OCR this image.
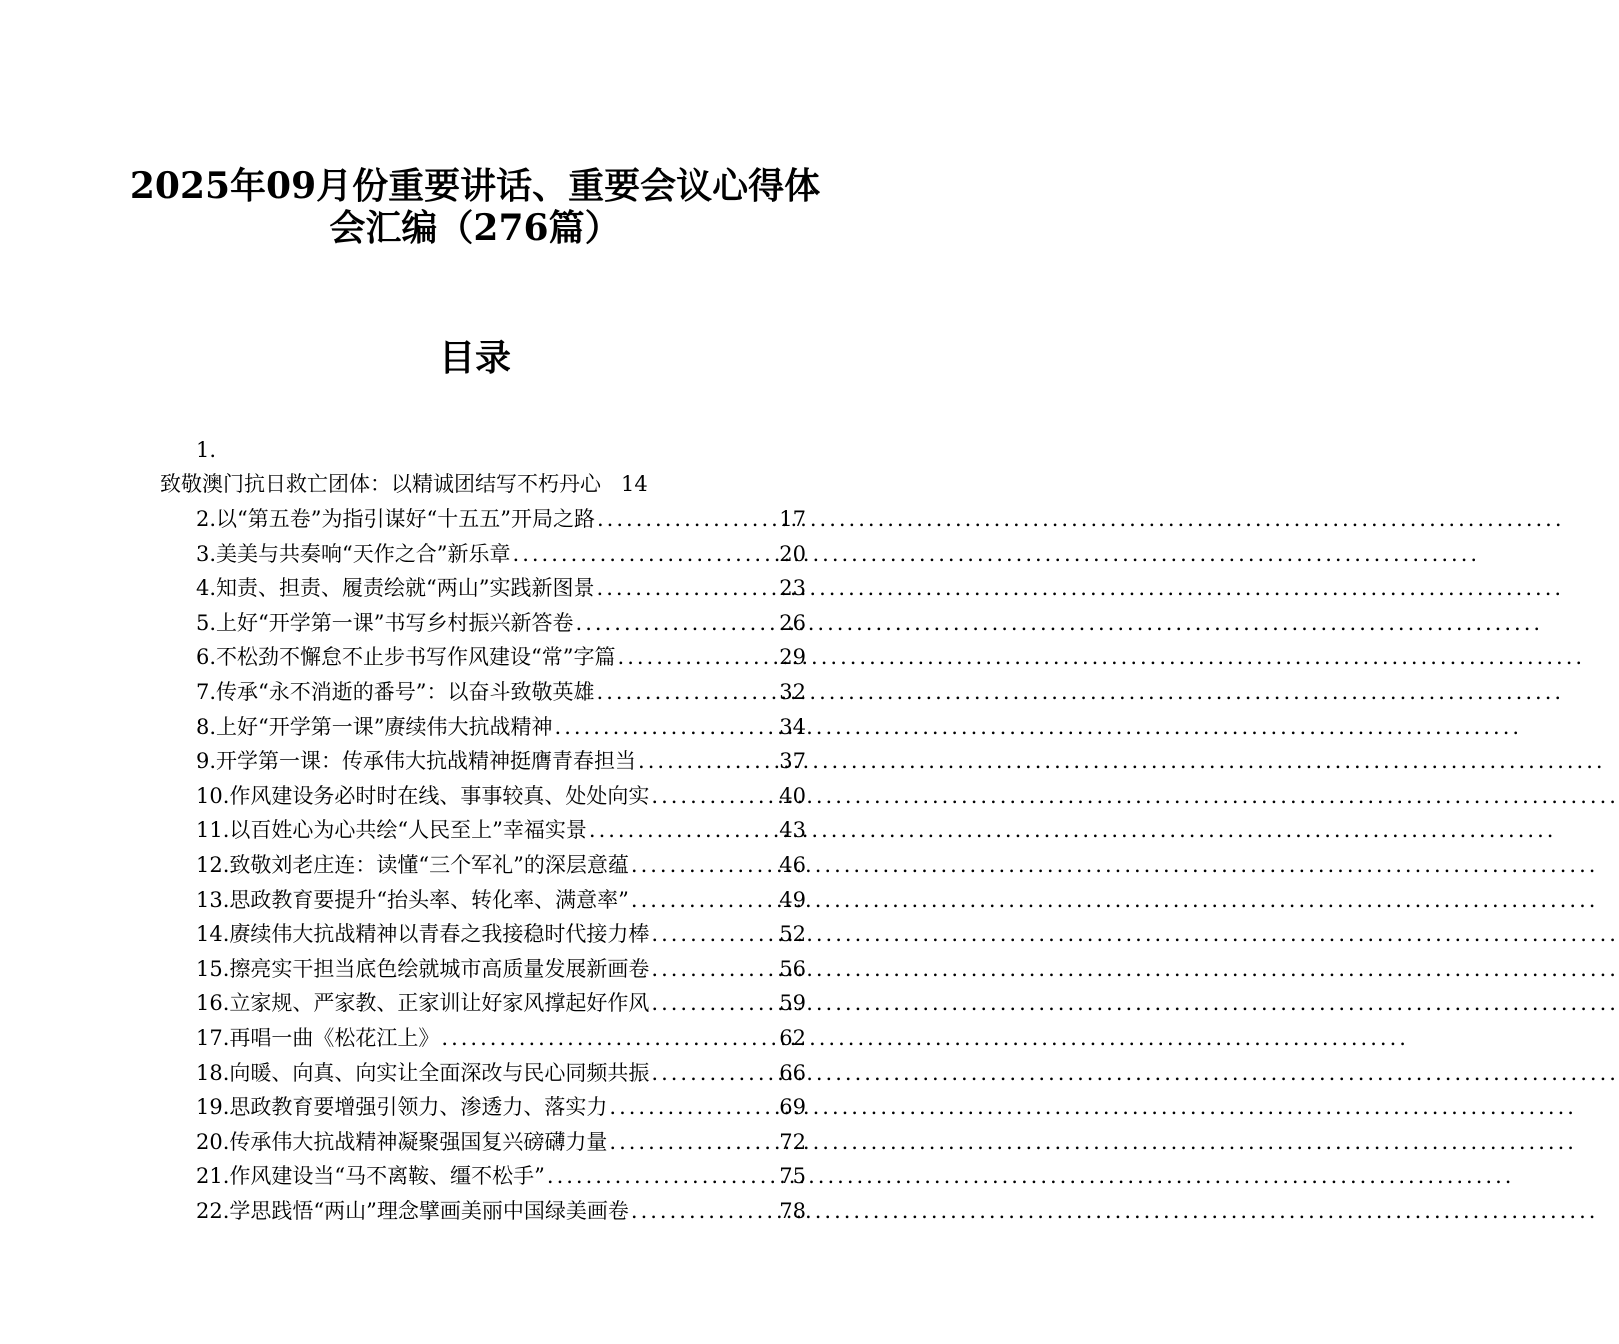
2025年09月份重要讲话、重要会议心得体
会汇编（276篇）
目录
1.
致敬澳门抗日救亡团体：以精诚团结写不朽丹心 14
2. 以“第五卷”为指引谋好“十五五”开局之路 .....	17
3. 美美与共奏响“天作之合”新乐章 .....	20
4. 知责、担责、履责绘就“两山”实践新图景 .....	23
5. 上好“开学第一课”书写乡村振兴新答卷 .....	26
6. 不松劲不懈怠不止步书写作风建设“常”字篇 .....	29
7. 传承“永不消逝的番号”：以奋斗致敬英雄 .....	32
8. 上好“开学第一课”赓续伟大抗战精神 .....	34
9. 开学第一课：传承伟大抗战精神挺膺青春担当 .....	37
10. 作风建设务必时时在线、事事较真、处处向实 .....	40
11. 以百姓心为心共绘“人民至上”幸福实景 .....	43
12. 致敬刘老庄连：读懂“三个军礼”的深层意蕴 .....	46
13. 思政教育要提升“抬头率、转化率、满意率” .....	49
14. 赓续伟大抗战精神以青春之我接稳时代接力棒 .....	52
15. 擦亮实干担当底色绘就城市高质量发展新画卷 .....	56
16. 立家规、严家教、正家训让好家风撑起好作风 .....	59
17. 再唱一曲《松花江上》 .....	62
18. 向暖、向真、向实让全面深改与民心同频共振 .....	66
19. 思政教育要增强引领力、渗透力、落实力 .....	69
20. 传承伟大抗战精神凝聚强国复兴磅礴力量 .....	72
21. 作风建设当“马不离鞍、缰不松手” .....	75
22. 学思践悟“两山”理念擘画美丽中国绿美画卷 .....	78
